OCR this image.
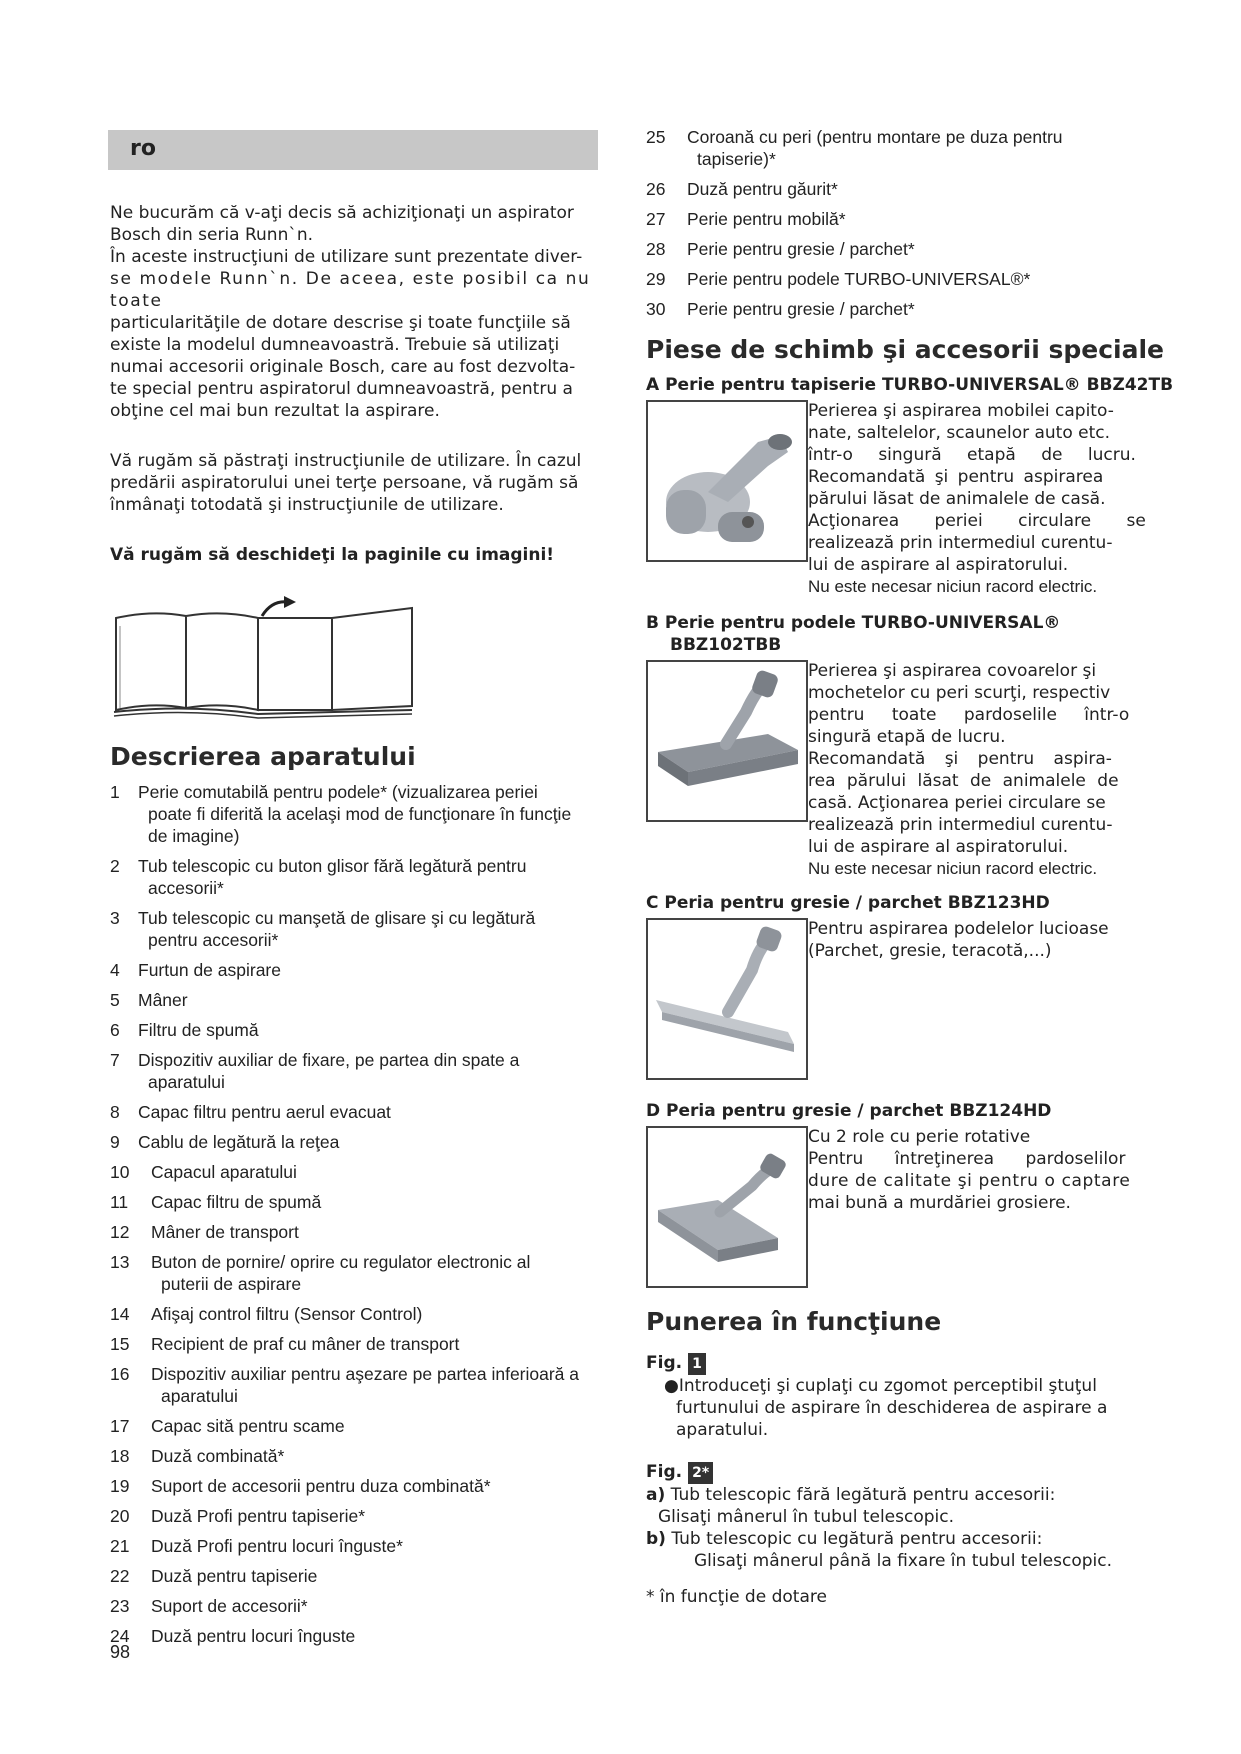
ro

Ne bucurăm că v-aţi decis să achiziţionaţi un aspirator

Bosch din seria Runn`n.

În aceste instrucţiuni de utilizare sunt prezentate diver-

se modele Runn`n. De aceea, este posibil ca nu toate

particularităţile de dotare descrise şi toate funcţiile să

existe la modelul dumneavoastră. Trebuie să utilizaţi

numai accesorii originale Bosch, care au fost dezvolta-

te special pentru aspiratorul dumneavoastră, pentru a

obţine cel mai bun rezultat la aspirare.

Vă rugăm să păstraţi instrucţiunile de utilizare. În cazul

predării aspiratorului unei terţe persoane, vă rugăm să

înmânaţi totodată şi instrucţiunile de utilizare.

Vă rugăm să deschideţi la paginile cu imagini!

Descrierea aparatului
1	Perie comutabilă pentru podele* (vizualizarea periei
poate fi diferită la acelaşi mod de funcţionare în funcţie
de imagine)
2	Tub telescopic cu buton glisor fără legătură pentru
accesorii*
3	Tub telescopic cu manşetă de glisare şi cu legătură
pentru accesorii*
4	Furtun de aspirare
5	Mâner
6	Filtru de spumă
7	Dispozitiv auxiliar de fixare, pe partea din spate a
aparatului
8	Capac filtru pentru aerul evacuat
9	Cablu de legătură la reţea
10	Capacul aparatului
11	Capac filtru de spumă
12	Mâner de transport
13	Buton de pornire/ oprire cu regulator electronic al
puterii de aspirare
14	Afişaj control filtru (Sensor Control)
15	Recipient de praf cu mâner de transport
16	Dispozitiv auxiliar pentru aşezare pe partea inferioară a
aparatului
17	Capac sită pentru scame
18	Duză combinată*
19	Suport de accesorii pentru duza combinată*
20	Duză Profi pentru tapiserie*
21	Duză Profi pentru locuri înguste*
22	Duză pentru tapiserie
23	Suport de accesorii*
24	Duză pentru locuri înguste
25	Coroană cu peri (pentru montare pe duza pentru
tapiserie)*
26	Duză pentru găurit*
27	Perie pentru mobilă*
28	Perie pentru gresie / parchet*
29	Perie pentru podele TURBO-UNIVERSAL®*
30	Perie pentru gresie / parchet*
Piese de schimb şi accesorii speciale

A Perie pentru tapiserie TURBO-UNIVERSAL® BBZ42TB

Perierea şi aspirarea mobilei capito-

nate, saltelelor, scaunelor auto etc.

într-o singură etapă de lucru.

Recomandată şi pentru aspirarea

părului lăsat de animalele de casă.

Acţionarea periei circulare se

realizează prin intermediul curentu-

lui de aspirare al aspiratorului.

Nu este necesar niciun racord electric.

B Perie pentru podele TURBO-UNIVERSAL®

BBZ102TBB

Perierea şi aspirarea covoarelor şi

mochetelor cu peri scurţi, respectiv

pentru toate pardoselile într-o

singură etapă de lucru.

Recomandată şi pentru aspira-

rea părului lăsat de animalele de

casă. Acţionarea periei circulare se

realizează prin intermediul curentu-

lui de aspirare al aspiratorului.

Nu este necesar niciun racord electric.

C Peria pentru gresie / parchet BBZ123HD

Pentru aspirarea podelelor lucioase

(Parchet, gresie, teracotă,...)

D Peria pentru gresie / parchet BBZ124HD

Cu 2 role cu perie rotative

Pentru întreţinerea pardoselilor

dure de calitate şi pentru o captare

mai bună a murdăriei grosiere.

Punerea în funcţiune

Fig. 1

●Introduceţi şi cuplaţi cu zgomot perceptibil ştuţul

furtunului de aspirare în deschiderea de aspirare a

aparatului.

Fig. 2*

a) Tub telescopic fără legătură pentru accesorii:

Glisaţi mânerul în tubul telescopic.

b) Tub telescopic cu legătură pentru accesorii:

Glisaţi mânerul până la fixare în tubul telescopic.

* în funcţie de dotare

98
